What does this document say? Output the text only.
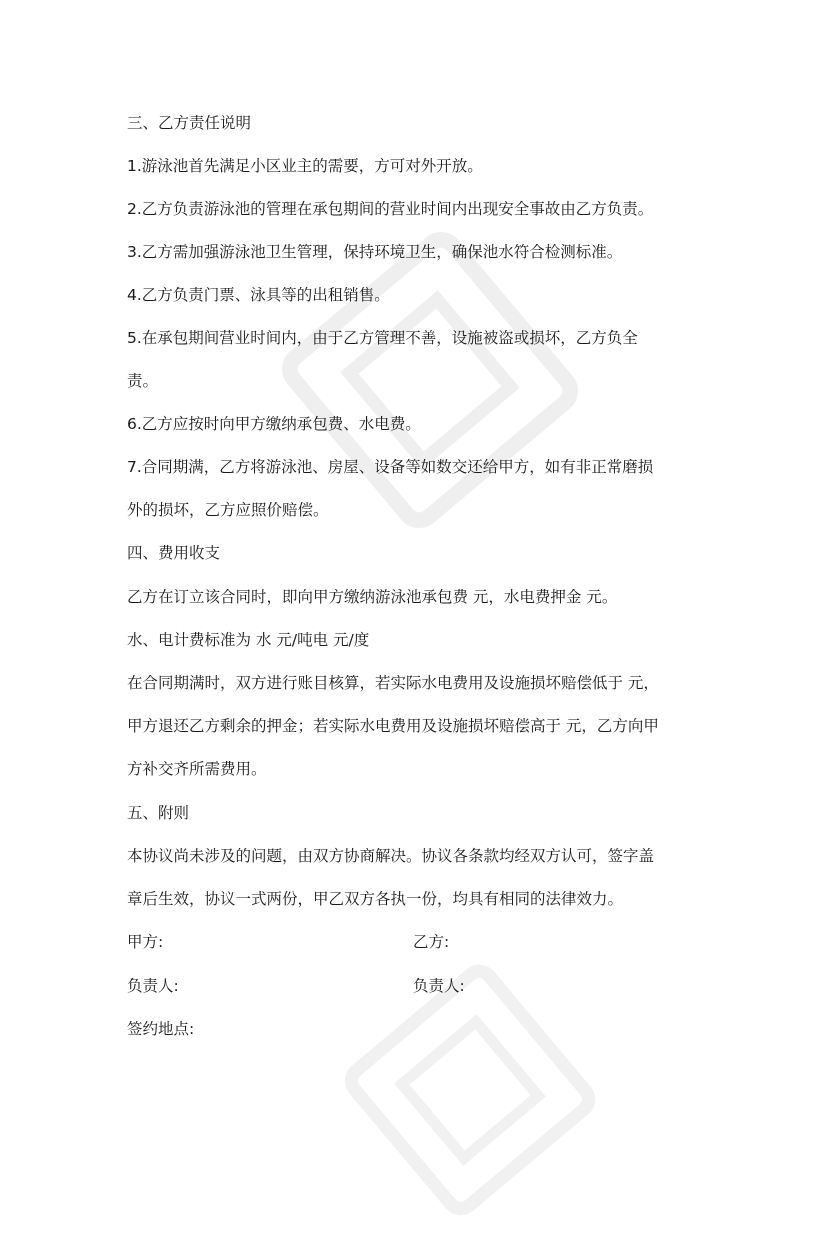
三、乙方责任说明

1.游泳池首先满足小区业主的需要，方可对外开放。

2.乙方负责游泳池的管理在承包期间的营业时间内出现安全事故由乙方负责。

3.乙方需加强游泳池卫生管理，保持环境卫生，确保池水符合检测标准。

4.乙方负责门票、泳具等的出租销售。

5.在承包期间营业时间内，由于乙方管理不善，设施被盗或损坏，乙方负全

责。

6.乙方应按时向甲方缴纳承包费、水电费。

7.合同期满，乙方将游泳池、房屋、设备等如数交还给甲方，如有非正常磨损

外的损坏，乙方应照价赔偿。

四、费用收支

乙方在订立该合同时，即向甲方缴纳游泳池承包费 元，水电费押金 元。

水、电计费标准为 水 元/吨电 元/度

在合同期满时，双方进行账目核算，若实际水电费用及设施损坏赔偿低于 元，

甲方退还乙方剩余的押金；若实际水电费用及设施损坏赔偿高于 元，乙方向甲

方补交齐所需费用。

五、附则

本协议尚未涉及的问题，由双方协商解决。协议各条款均经双方认可，签字盖

章后生效，协议一式两份，甲乙双方各执一份，均具有相同的法律效力。

甲方:	乙方:

负责人:	负责人:

签约地点:
